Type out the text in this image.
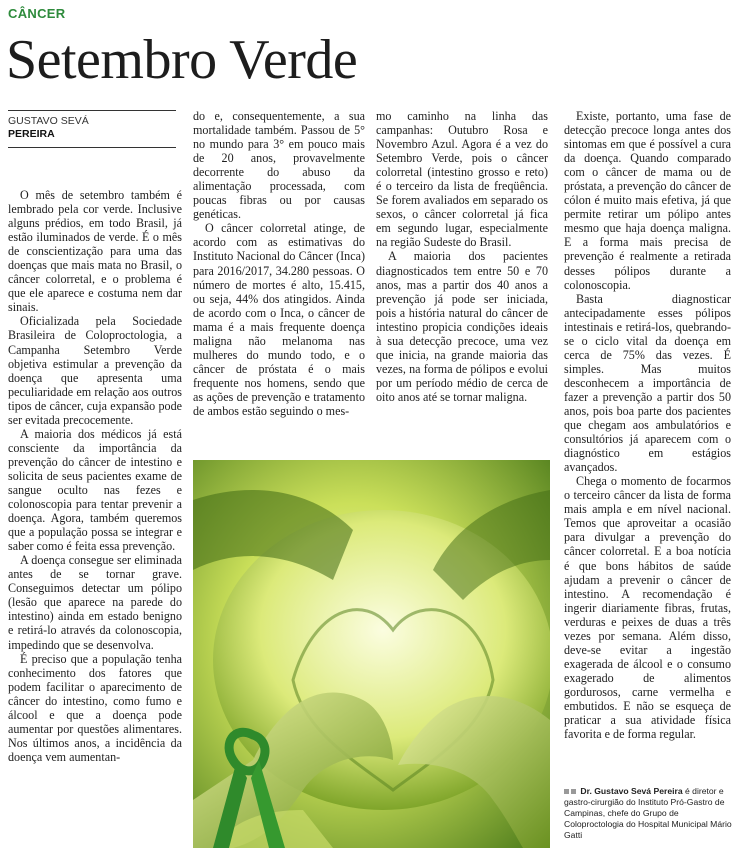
CÂNCER
Setembro Verde
GUSTAVO SEVÁ
PEREIRA

O mês de setembro também é lembrado pela cor verde. Inclusive alguns prédios, em todo Brasil, já estão iluminados de verde. É o mês de conscientização para uma das doenças que mais mata no Brasil, o câncer colorretal, e o problema é que ele aparece e costuma nem dar sinais.

Oficializada pela Sociedade Brasileira de Coloproctologia, a Campanha Setembro Verde objetiva estimular a prevenção da doença que apresenta uma peculiaridade em relação aos outros tipos de câncer, cuja expansão pode ser evitada precocemente.

A maioria dos médicos já está consciente da importância da prevenção do câncer de intestino e solicita de seus pacientes exame de sangue oculto nas fezes e colonoscopia para tentar prevenir a doença. Agora, também queremos que a população possa se integrar e saber como é feita essa prevenção.

A doença consegue ser eliminada antes de se tornar grave. Conseguimos detectar um pólipo (lesão que aparece na parede do intestino) ainda em estado benigno e retirá-lo através da colonoscopia, impedindo que se desenvolva.

É preciso que a população tenha conhecimento dos fatores que podem facilitar o aparecimento de câncer do intestino, como fumo e álcool e que a doença pode aumentar por questões alimentares. Nos últimos anos, a incidência da doença vem aumentan-

do e, consequentemente, a sua mortalidade também. Passou de 5° no mundo para 3° em pouco mais de 20 anos, provavelmente decorrente do abuso da alimentação processada, com poucas fibras ou por causas genéticas.

O câncer colorretal atinge, de acordo com as estimativas do Instituto Nacional do Câncer (Inca) para 2016/2017, 34.280 pessoas. O número de mortes é alto, 15.415, ou seja, 44% dos atingidos. Ainda de acordo com o Inca, o câncer de mama é a mais frequente doença maligna não melanoma nas mulheres do mundo todo, e o câncer de próstata é o mais frequente nos homens, sendo que as ações de prevenção e tratamento de ambos estão seguindo o mes-

mo caminho na linha das campanhas: Outubro Rosa e Novembro Azul. Agora é a vez do Setembro Verde, pois o câncer colorretal (intestino grosso e reto) é o terceiro da lista de freqüência. Se forem avaliados em separado os sexos, o câncer colorretal já fica em segundo lugar, especialmente na região Sudeste do Brasil.

A maioria dos pacientes diagnosticados tem entre 50 e 70 anos, mas a partir dos 40 anos a prevenção já pode ser iniciada, pois a história natural do câncer de intestino propicia condições ideais à sua detecção precoce, uma vez que inicia, na grande maioria das vezes, na forma de pólipos e evolui por um período médio de cerca de oito anos até se tornar maligna.

Existe, portanto, uma fase de detecção precoce longa antes dos sintomas em que é possível a cura da doença. Quando comparado com o câncer de mama ou de próstata, a prevenção do câncer de cólon é muito mais efetiva, já que permite retirar um pólipo antes mesmo que haja doença maligna. E a forma mais precisa de prevenção é realmente a retirada desses pólipos durante a colonoscopia.

Basta diagnosticar antecipadamente esses pólipos intestinais e retirá-los, quebrando-se o ciclo vital da doença em cerca de 75% das vezes. É simples. Mas muitos desconhecem a importância de fazer a prevenção a partir dos 50 anos, pois boa parte dos pacientes que chegam aos ambulatórios e consultórios já aparecem com o diagnóstico em estágios avançados.

Chega o momento de focarmos o terceiro câncer da lista de forma mais ampla e em nível nacional. Temos que aproveitar a ocasião para divulgar a prevenção do câncer colorretal. E a boa notícia é que bons hábitos de saúde ajudam a prevenir o câncer de intestino. A recomendação é ingerir diariamente fibras, frutas, verduras e peixes de duas a três vezes por semana. Além disso, deve-se evitar a ingestão exagerada de álcool e o consumo exagerado de alimentos gordurosos, carne vermelha e embutidos. E não se esqueça de praticar a sua atividade física favorita e de forma regular.

Dr. Gustavo Sevá Pereira é diretor e gastro-cirurgião do Instituto Pró-Gastro de Campinas, chefe do Grupo de Coloproctologia do Hospital Municipal Mário Gatti
